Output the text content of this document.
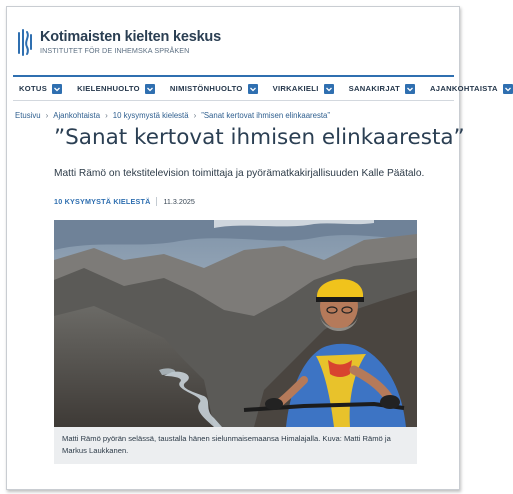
Kotimaisten kielten keskus
INSTITUTET FÖR DE INHEMSKA SPRÅKEN
KOTUS	KIELENHUOLTO	NIMISTÖNHUOLTO	VIRKAKIELI	SANAKIRJAT	AJANKOHTAISTA
Etusivu › Ajankohtaista › 10 kysymystä kielestä › ”Sanat kertovat ihmisen elinkaaresta”
”Sanat kertovat ihmisen elinkaaresta”
Matti Rämö on tekstitelevision toimittaja ja pyörämatkakirjallisuuden Kalle Päätalo.
10 KYSYMYSTÄ KIELESTÄ 11.3.2025
Matti Rämö pyörän selässä, taustalla hänen sielunmaisemaansa Himalajalla. Kuva: Matti Rämö ja Markus Laukkanen.
